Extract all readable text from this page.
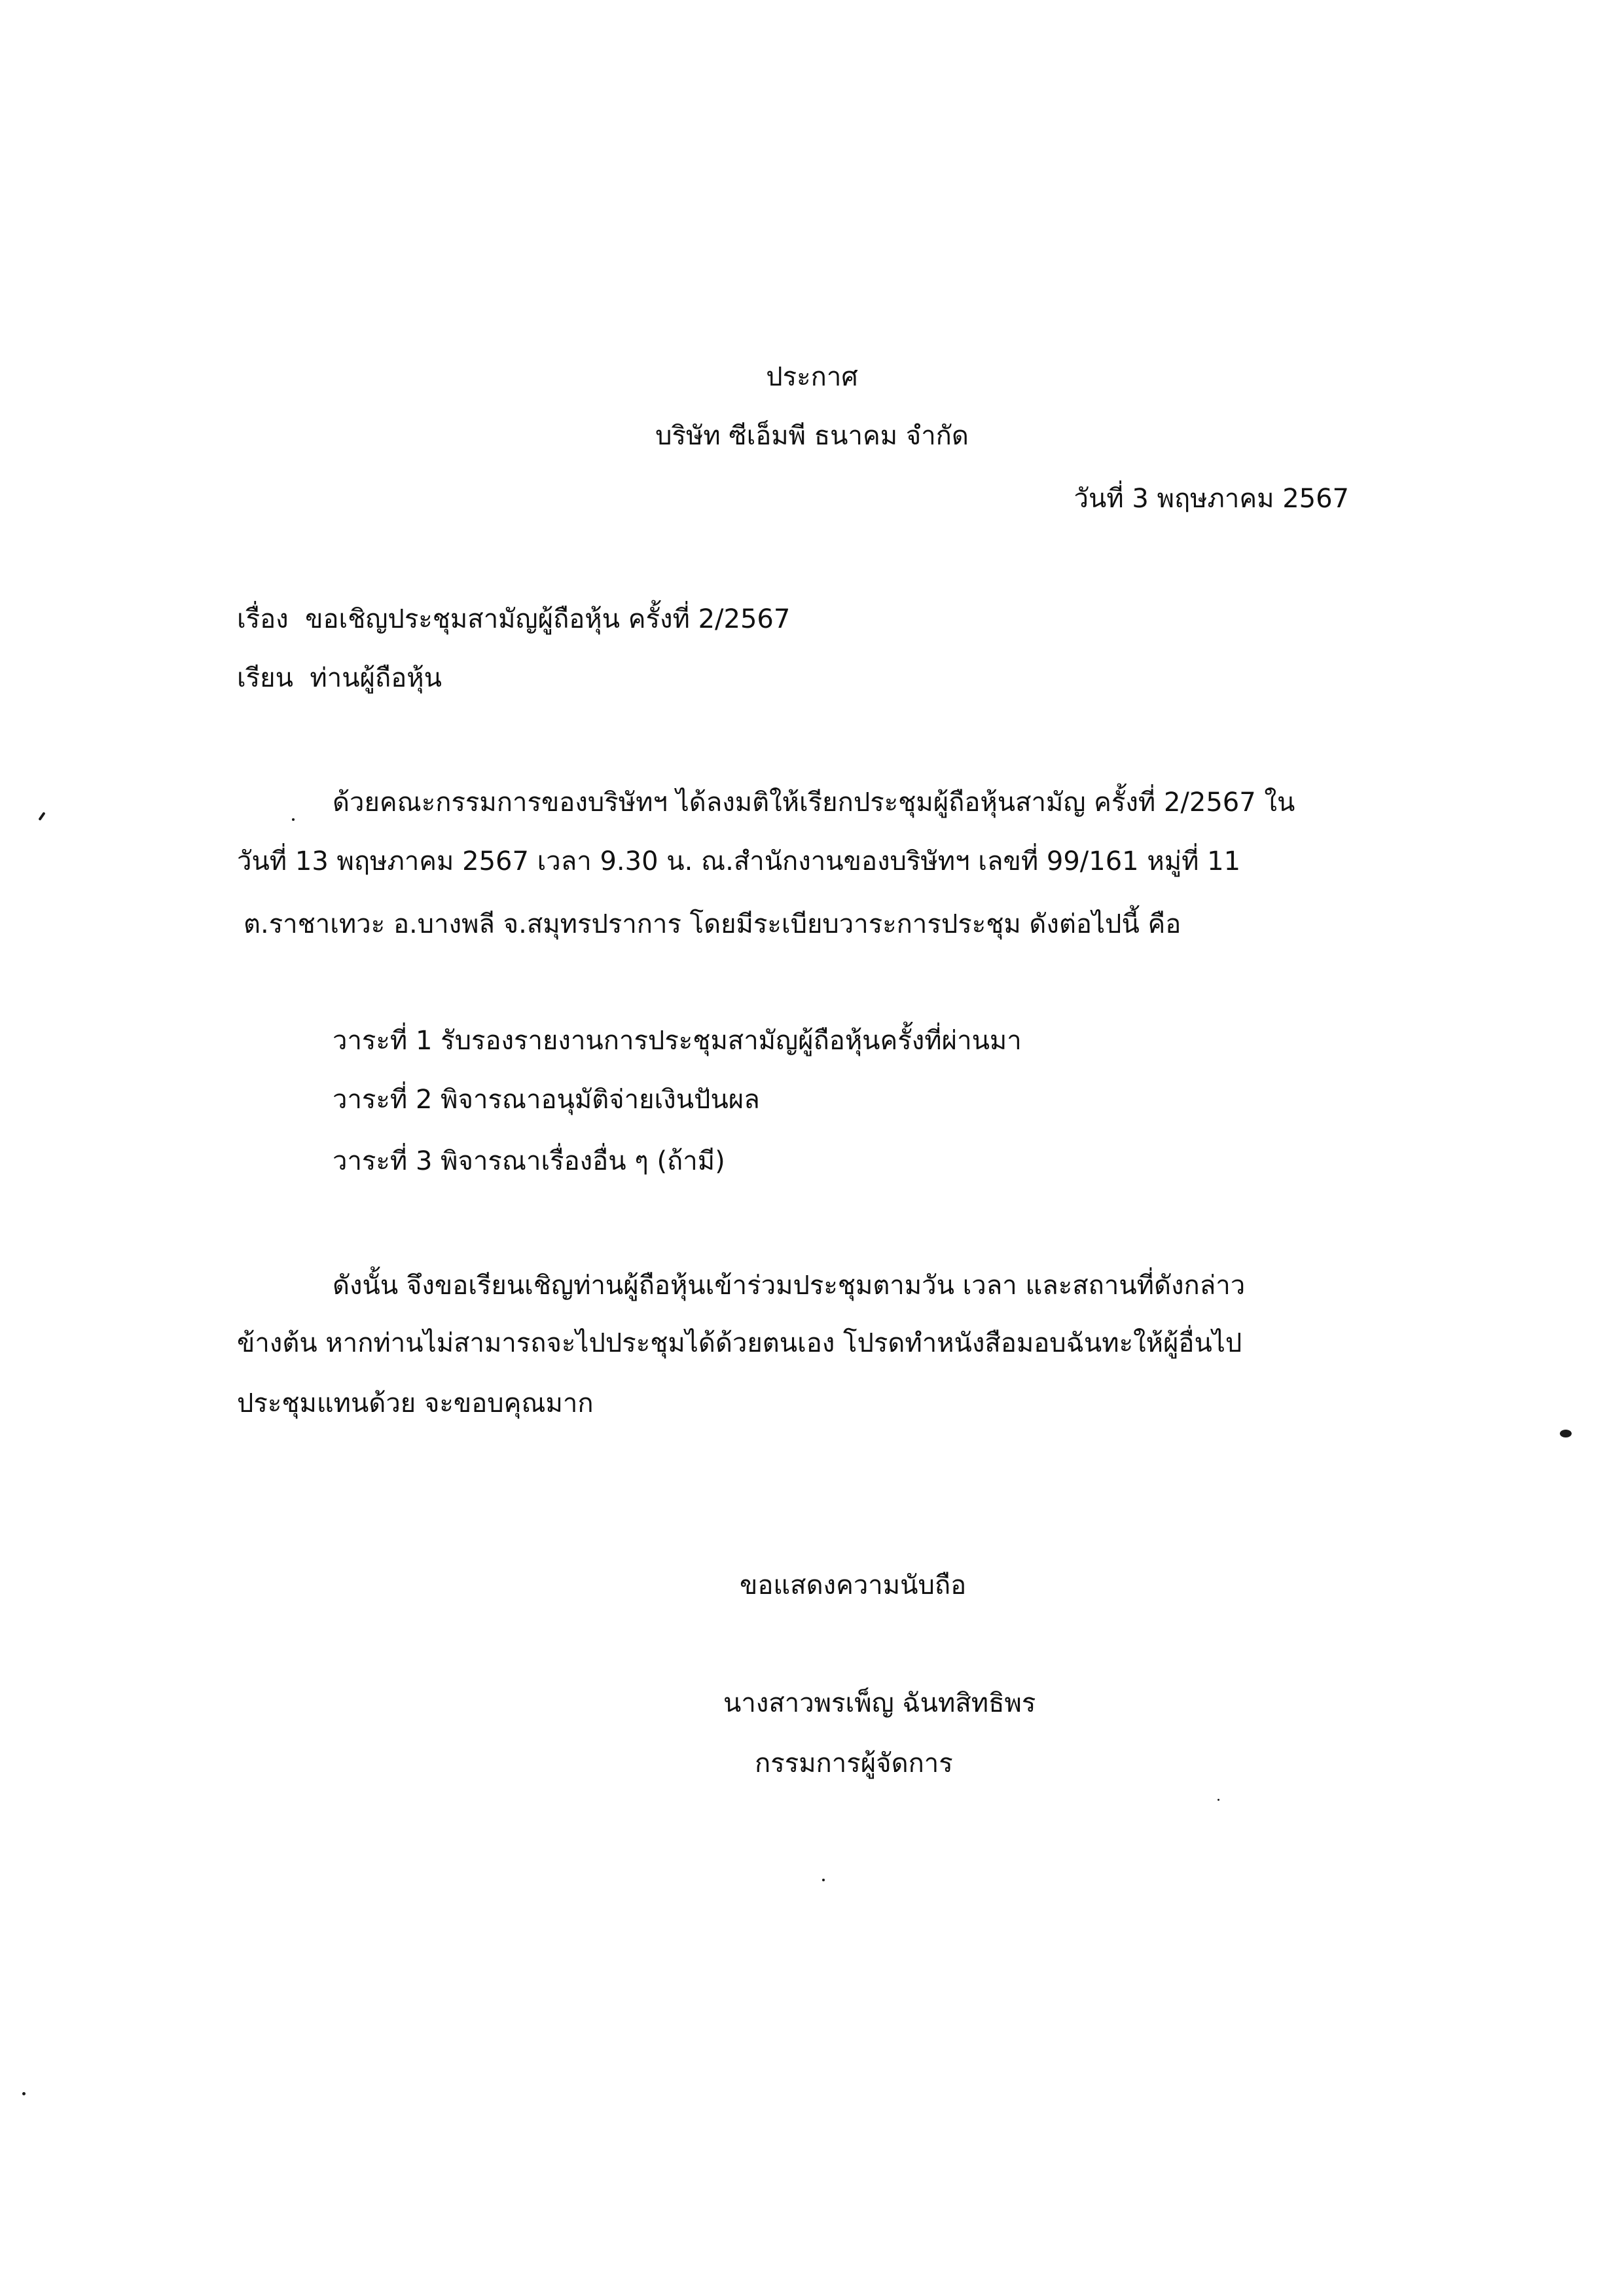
ประกาศ
บริษัท ซีเอ็มพี ธนาคม จำกัด
วันที่ 3 พฤษภาคม 2567
เรื่อง ขอเชิญประชุมสามัญผู้ถือหุ้น ครั้งที่ 2/2567
เรียน ท่านผู้ถือหุ้น
ด้วยคณะกรรมการของบริษัทฯ ได้ลงมติให้เรียกประชุมผู้ถือหุ้นสามัญ ครั้งที่ 2/2567 ใน
วันที่ 13 พฤษภาคม 2567 เวลา 9.30 น. ณ.สำนักงานของบริษัทฯ เลขที่ 99/161 หมู่ที่ 11
ต.ราชาเทวะ อ.บางพลี จ.สมุทรปราการ โดยมีระเบียบวาระการประชุม ดังต่อไปนี้ คือ
วาระที่ 1 รับรองรายงานการประชุมสามัญผู้ถือหุ้นครั้งที่ผ่านมา
วาระที่ 2 พิจารณาอนุมัติจ่ายเงินปันผล
วาระที่ 3 พิจารณาเรื่องอื่น ๆ (ถ้ามี)
ดังนั้น จึงขอเรียนเชิญท่านผู้ถือหุ้นเข้าร่วมประชุมตามวัน เวลา และสถานที่ดังกล่าว
ข้างต้น หากท่านไม่สามารถจะไปประชุมได้ด้วยตนเอง โปรดทำหนังสือมอบฉันทะให้ผู้อื่นไป
ประชุมแทนด้วย จะขอบคุณมาก
ขอแสดงความนับถือ
นางสาวพรเพ็ญ ฉันทสิทธิพร
กรรมการผู้จัดการ
